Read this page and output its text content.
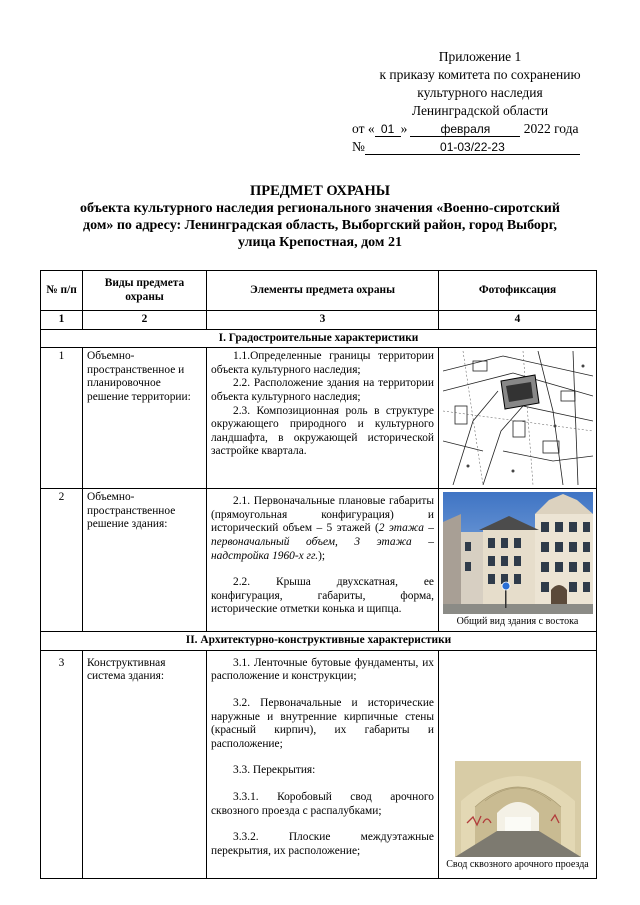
Приложение 1
к приказу комитета по сохранению
культурного наследия
Ленинградской области
от « 01 »	февраля 2022 года
№	01-03/22-23
ПРЕДМЕТ ОХРАНЫ
объекта культурного наследия регионального значения «Военно-сиротский
дом» по адресу: Ленинградская область, Выборгский район, город Выборг,
улица Крепостная, дом 21
№ п/п	Виды предмета охраны	Элементы предмета охраны	Фотофиксация
1	2	3	4
I. Градостроительные характеристики			
1	Объемно-пространственное и планировочное решение территории:	1.1.Определенные границы территории объекта культурного наследия;

2.2. Расположение здания на территории объекта культурного наследия;

2.3. Композиционная роль в структуре окружающего природного и культурного ландшафта, в окружающей исторической застройке квартала.

2	Объемно-пространственное решение здания:	2.1. Первоначальные плановые габариты (прямоугольная конфигурация) и исторический объем – 5 этажей (2 этажа – первоначальный объем, 3 этажа – надстройка 1960-х гг.);

2.2. Крыша двухскатная, ее конфигурация, габариты, форма, исторические отметки конька и щипца.	Общий вид здания с востока

II. Архитектурно-конструктивные характеристики			
3	Конструктивная система здания:	3.1. Ленточные бутовые фундаменты, их расположение и конструкции;

3.2. Первоначальные и исторические наружные и внутренние кирпичные стены (красный кирпич), их габариты и расположение;

3.3. Перекрытия:

3.3.1. Коробовый свод арочного сквозного проезда с распалубками;

3.3.2. Плоские междуэтажные перекрытия, их расположение;	Свод сквозного арочного проезда
